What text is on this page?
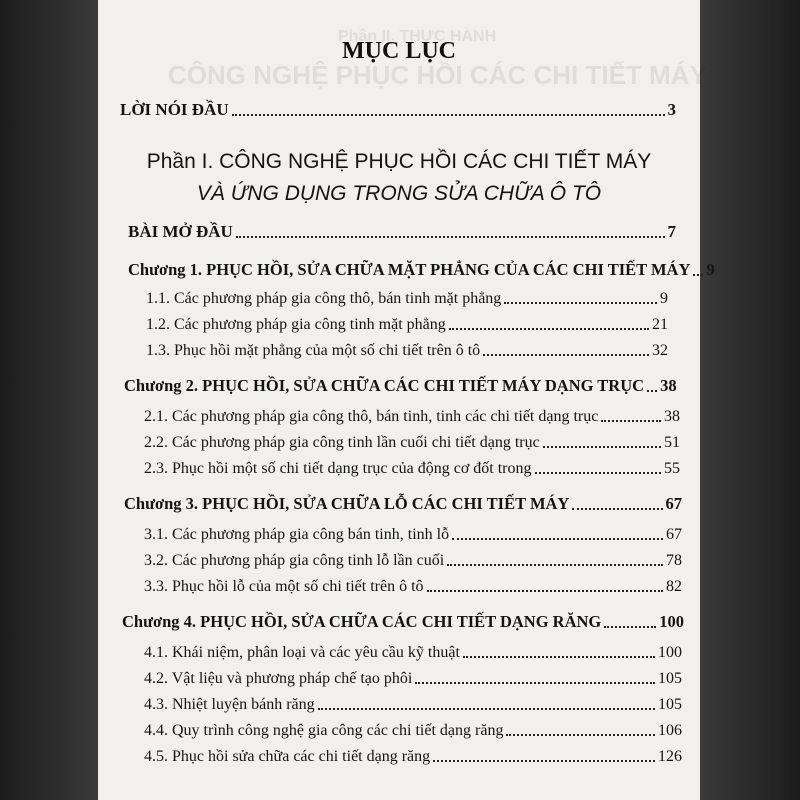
Phần II. THỰC HÀNH
CÔNG NGHỆ PHỤC HỒI CÁC CHI TIẾT MÁY
MỤC LỤC
LỜI NÓI ĐẦU	3
Phần I. CÔNG NGHỆ PHỤC HỒI CÁC CHI TIẾT MÁY
VÀ ỨNG DỤNG TRONG SỬA CHỮA Ô TÔ
BÀI MỞ ĐẦU	7
Chương 1. PHỤC HỒI, SỬA CHỮA MẶT PHẲNG CỦA CÁC CHI TIẾT MÁY 9
1.1. Các phương pháp gia công thô, bán tinh mặt phẳng	9
1.2. Các phương pháp gia công tinh mặt phẳng	21
1.3. Phục hồi mặt phẳng của một số chi tiết trên ô tô	32
Chương 2. PHỤC HỒI, SỬA CHỮA CÁC CHI TIẾT MÁY DẠNG TRỤC 38
2.1. Các phương pháp gia công thô, bán tinh, tinh các chi tiết dạng trục	38
2.2. Các phương pháp gia công tinh lần cuối chi tiết dạng trục	51
2.3. Phục hồi một số chi tiết dạng trục của động cơ đốt trong	55
Chương 3. PHỤC HỒI, SỬA CHỮA LỖ CÁC CHI TIẾT MÁY	67
3.1. Các phương pháp gia công bán tinh, tinh lỗ	67
3.2. Các phương pháp gia công tinh lỗ lần cuối	78
3.3. Phục hồi lỗ của một số chi tiết trên ô tô	82
Chương 4. PHỤC HỒI, SỬA CHỮA CÁC CHI TIẾT DẠNG RĂNG	100
4.1. Khái niệm, phân loại và các yêu cầu kỹ thuật	100
4.2. Vật liệu và phương pháp chế tạo phôi	105
4.3. Nhiệt luyện bánh răng	105
4.4. Quy trình công nghệ gia công các chi tiết dạng răng	106
4.5. Phục hồi sửa chữa các chi tiết dạng răng	126
